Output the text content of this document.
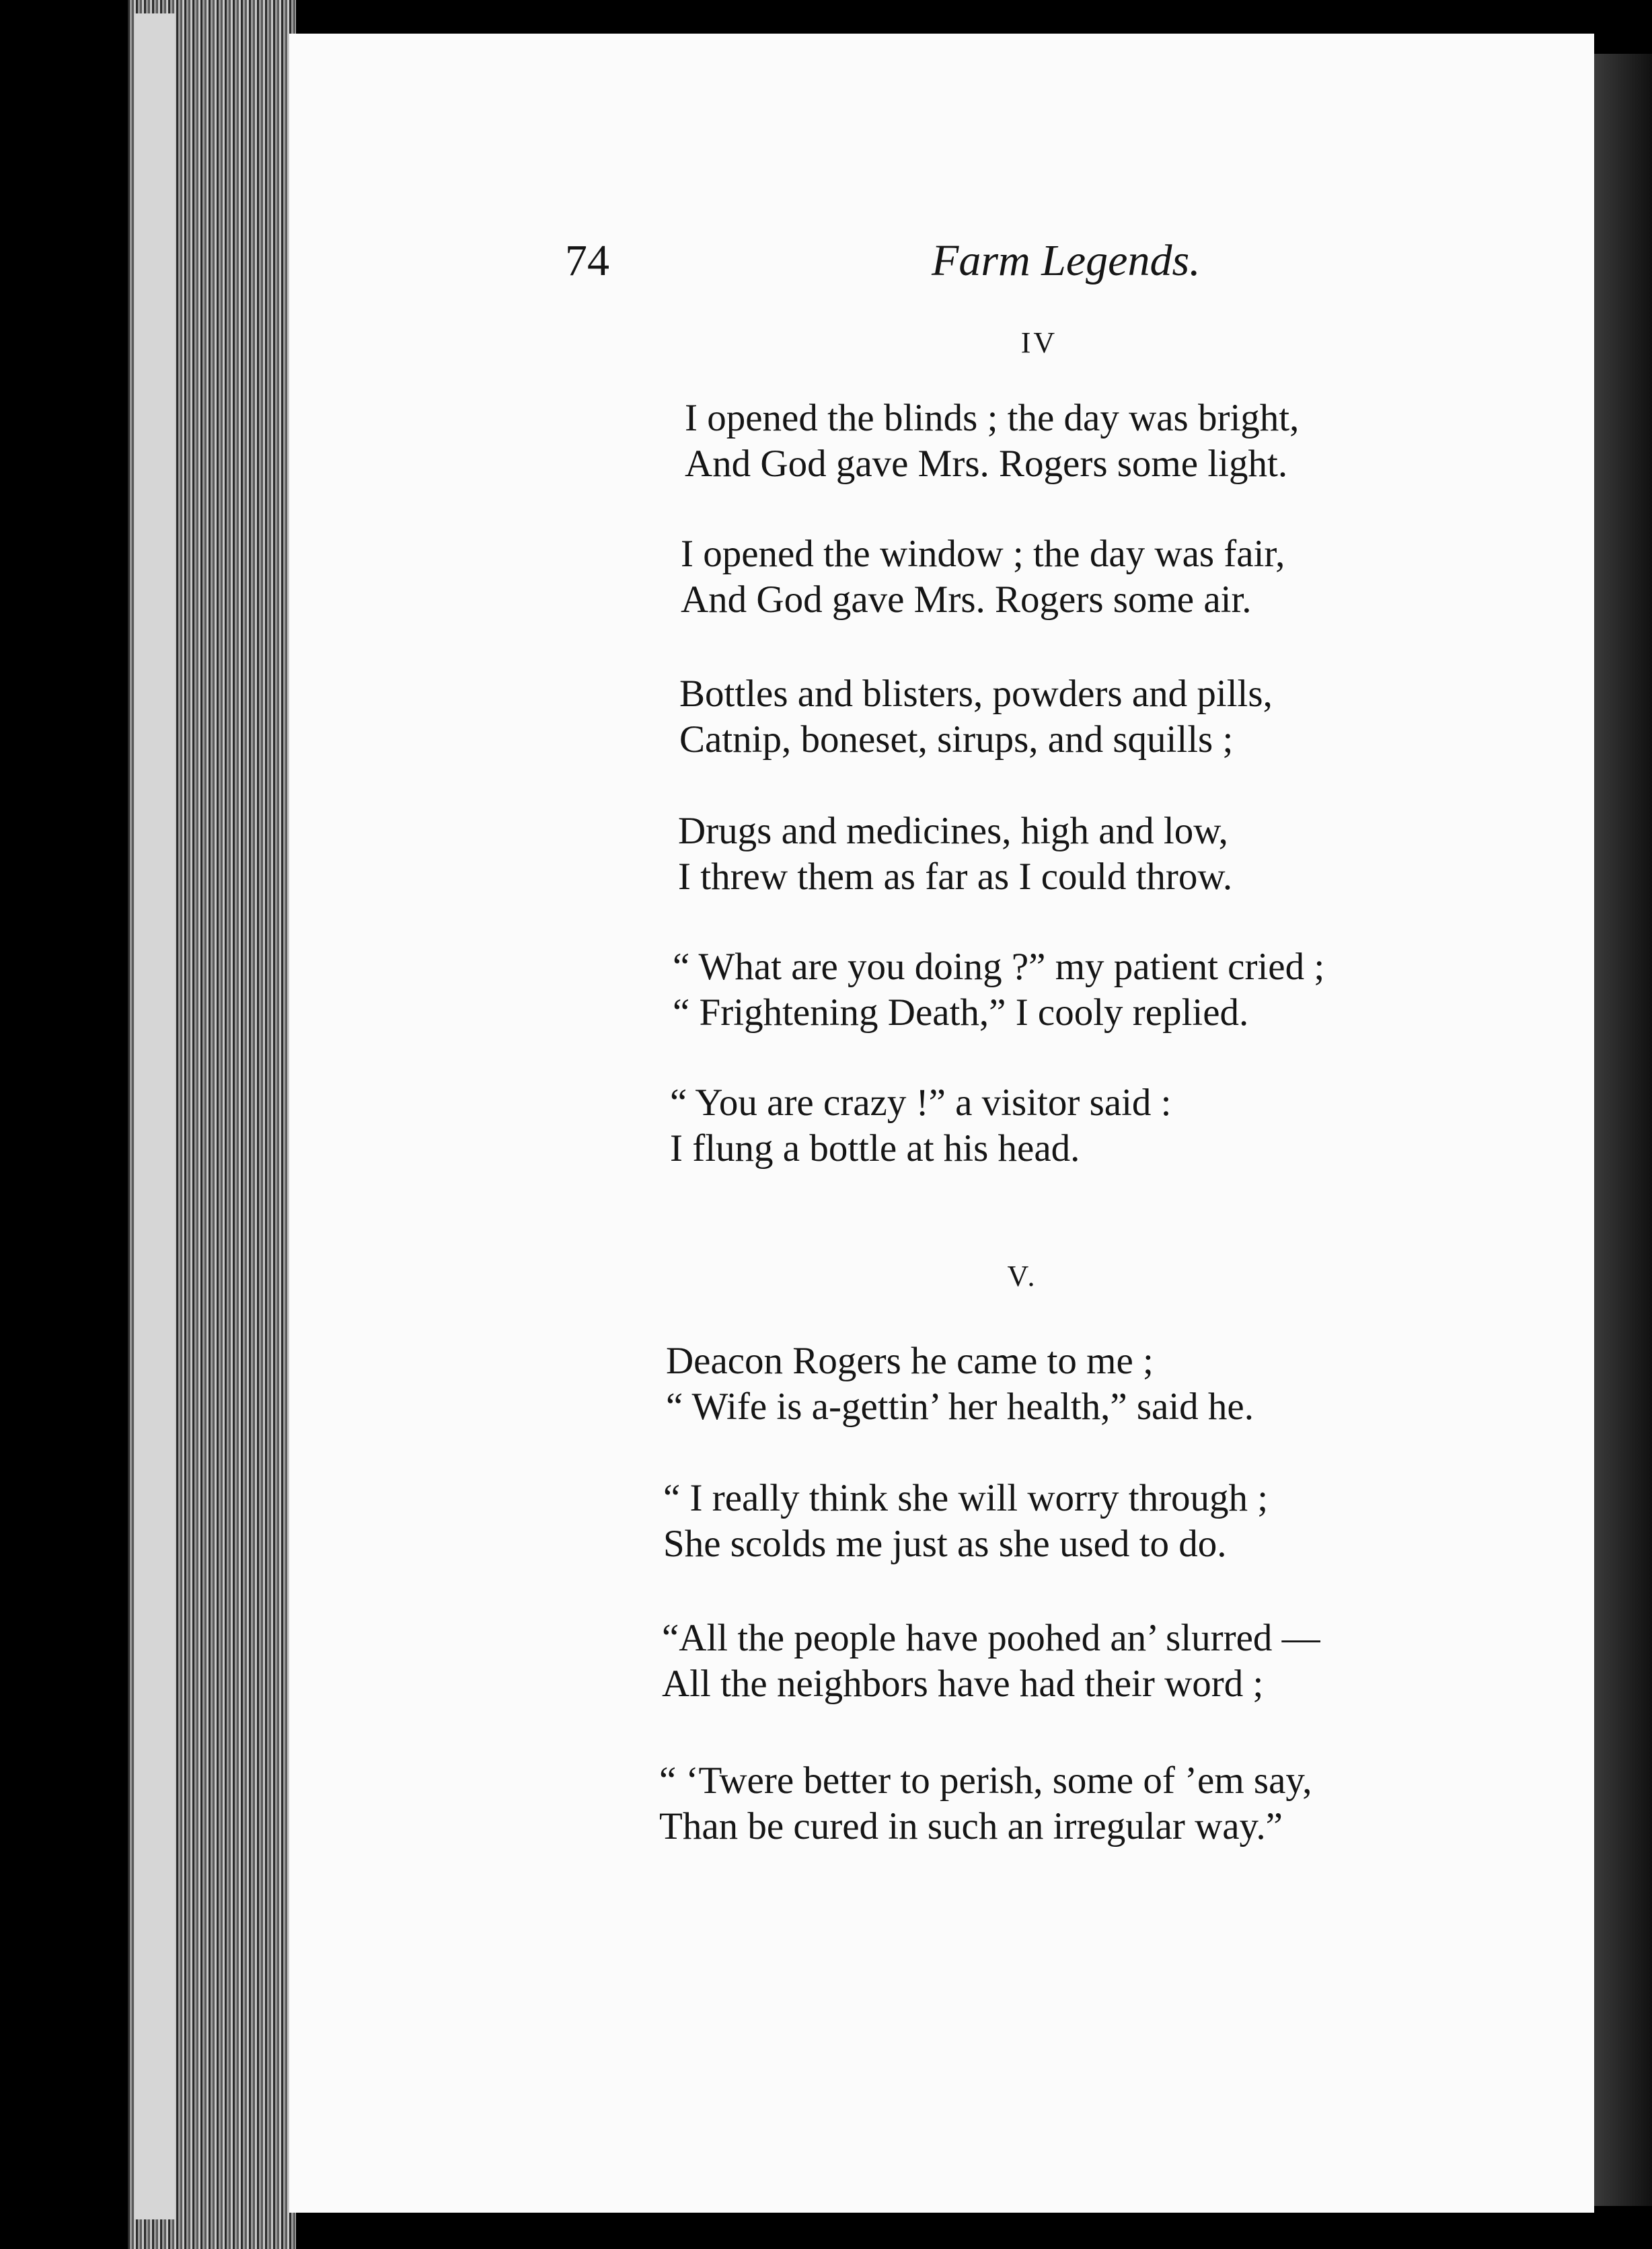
74	Farm Legends.
IV
I opened the blinds ; the day was bright,
And God gave Mrs. Rogers some light.
I opened the window ; the day was fair,
And God gave Mrs. Rogers some air.
Bottles and blisters, powders and pills,
Catnip, boneset, sirups, and squills ;
Drugs and medicines, high and low,
I threw them as far as I could throw.
“ What are you doing ?” my patient cried ;
“ Frightening Death,” I cooly replied.
“ You are crazy !” a visitor said :
I flung a bottle at his head.
V.
Deacon Rogers he came to me ;
“ Wife is a-gettin’ her health,” said he.
“ I really think she will worry through ;
She scolds me just as she used to do.
“All the people have poohed an’ slurred —
All the neighbors have had their word ;
“ ‘Twere better to perish, some of ’em say,
Than be cured in such an irregular way.”
